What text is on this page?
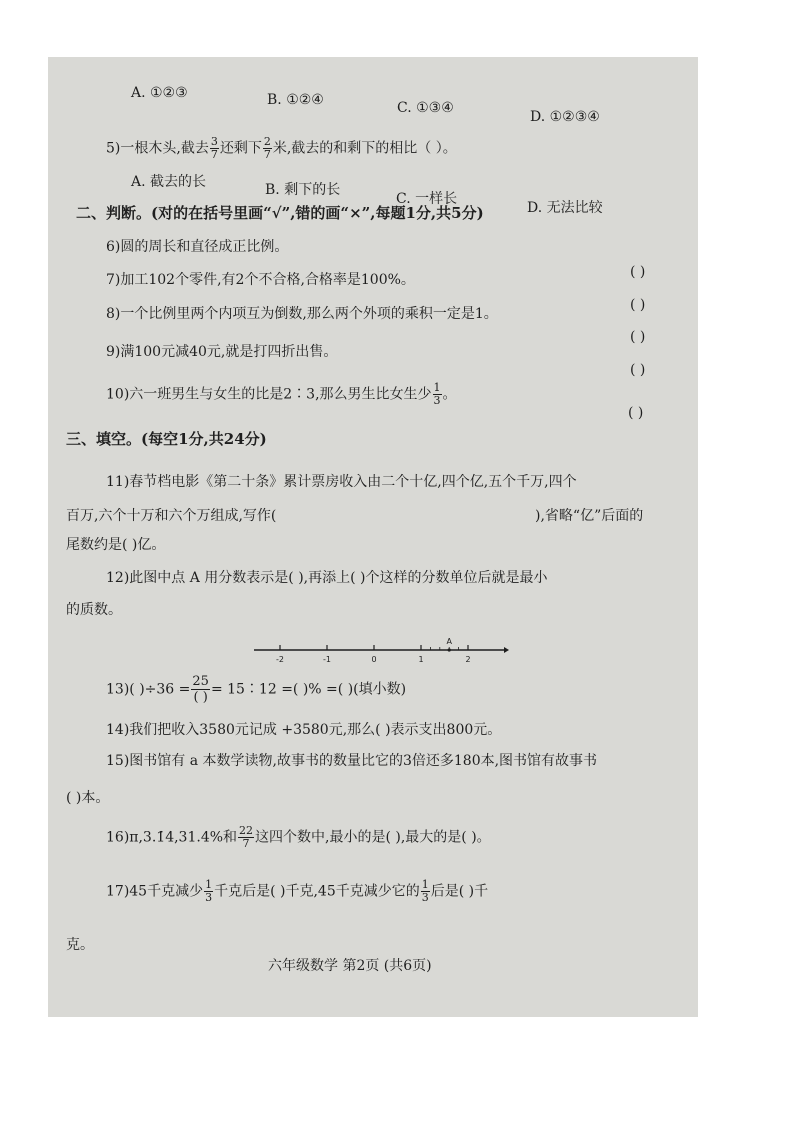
A. ①②③	B. ①②④	C. ①③④
D. ①②③④
5)一根木头,截去 $\frac{3}{7}$ 还剩下 $\frac{2}{7}$ 米,截去的和剩下的相比（ ）。
A. 截去的长	B. 剩下的长
C. 一样长
D. 无法比较
二、判断。(对的在括号里画“√”,错的画“×”,每题1分,共5分)
6)圆的周长和直径成正比例。
7)加工102个零件,有2个不合格,合格率是100%。
8)一个比例里两个内项互为倒数,那么两个外项的乘积一定是1。
9)满100元减40元,就是打四折出售。
10)六一班男生与女生的比是2∶3,那么男生比女生少 $\frac{1}{3}$ 。
( )
( )
( )
( )
( )
三、填空。(每空1分,共24分)
11)春节档电影《第二十条》累计票房收入由二个十亿,四个亿,五个千万,四个
百万,六个十万和六个万组成,写作(	),省略“亿”后面的
尾数约是( )亿。
12)此图中点 A 用分数表示是( ),再添上( )个这样的分数单位后就是最小
的质数。
-2	-1	0	1	2
A
13)( )$\div 36 = \frac{25}{( )}$ = 15∶12 =( )% =( )(填小数)
14)我们把收入3580元记成 +3580元,那么( )表示支出800元。
15)图书馆有 a 本数学读物,故事书的数量比它的3倍还多180本,图书馆有故事书
( )本。
16)π,3.1̇4̇,31.4%和 $\frac{22}{7}$ 这四个数中,最小的是( ),最大的是( )。
17)45千克减少 $\frac{1}{3}$ 千克后是( )千克,45千克减少它的 $\frac{1}{3}$ 后是( )千
克。
六年级数学 第2页 (共6页)
